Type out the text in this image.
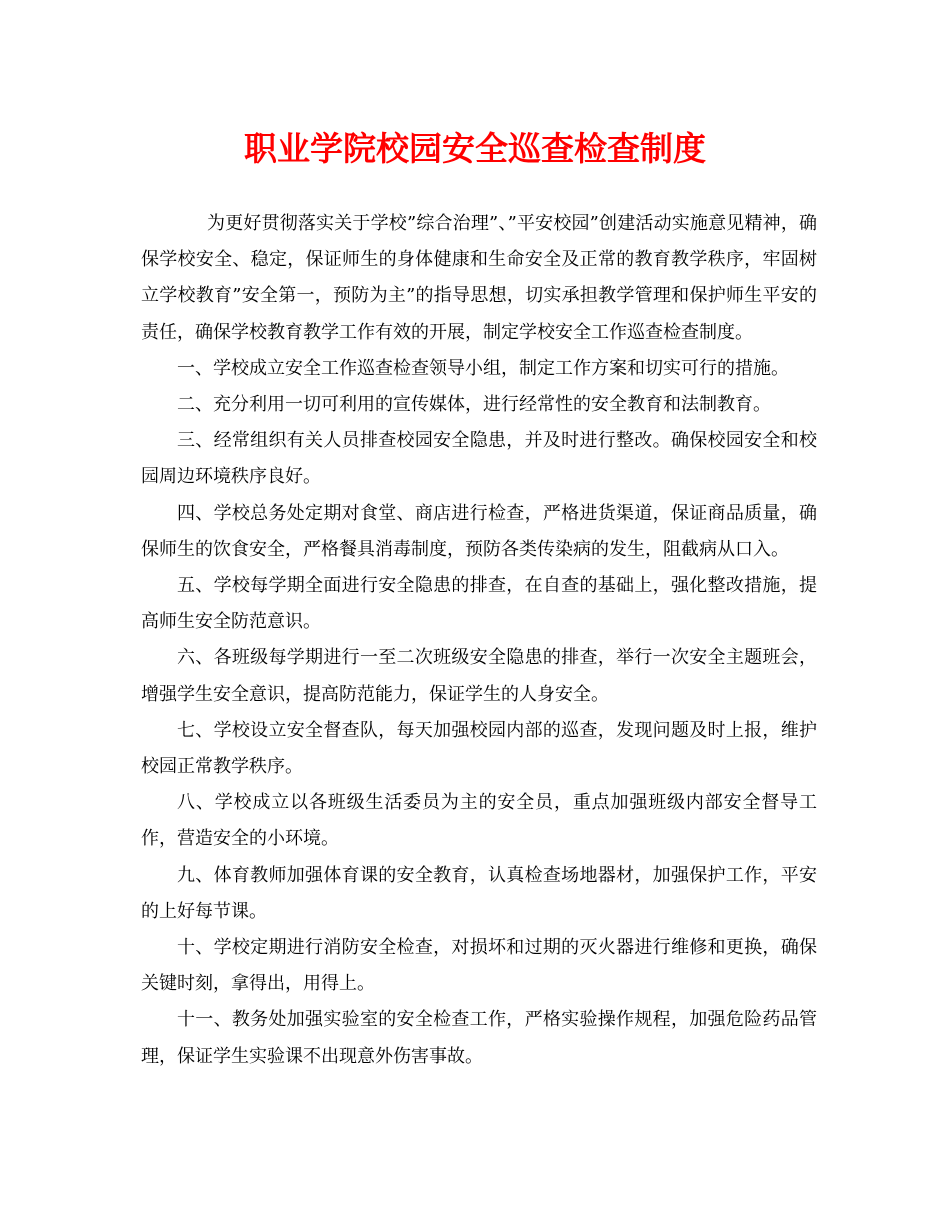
职业学院校园安全巡查检查制度

为更好贯彻落实关于学校”综合治理”、”平安校园”创建活动实施意见精神，确保学校安全、稳定，保证师生的身体健康和生命安全及正常的教育教学秩序，牢固树立学校教育”安全第一，预防为主”的指导思想，切实承担教学管理和保护师生平安的责任，确保学校教育教学工作有效的开展，制定学校安全工作巡查检查制度。

一、学校成立安全工作巡查检查领导小组，制定工作方案和切实可行的措施。

二、充分利用一切可利用的宣传媒体，进行经常性的安全教育和法制教育。

三、经常组织有关人员排查校园安全隐患，并及时进行整改。确保校园安全和校园周边环境秩序良好。

四、学校总务处定期对食堂、商店进行检查，严格进货渠道，保证商品质量，确保师生的饮食安全，严格餐具消毒制度，预防各类传染病的发生，阻截病从口入。

五、学校每学期全面进行安全隐患的排查，在自查的基础上，强化整改措施，提高师生安全防范意识。

六、各班级每学期进行一至二次班级安全隐患的排查，举行一次安全主题班会，增强学生安全意识，提高防范能力，保证学生的人身安全。

七、学校设立安全督查队，每天加强校园内部的巡查，发现问题及时上报，维护校园正常教学秩序。

八、学校成立以各班级生活委员为主的安全员，重点加强班级内部安全督导工作，营造安全的小环境。

九、体育教师加强体育课的安全教育，认真检查场地器材，加强保护工作，平安的上好每节课。

十、学校定期进行消防安全检查，对损坏和过期的灭火器进行维修和更换，确保关键时刻，拿得出，用得上。

十一、教务处加强实验室的安全检查工作，严格实验操作规程，加强危险药品管理，保证学生实验课不出现意外伤害事故。
